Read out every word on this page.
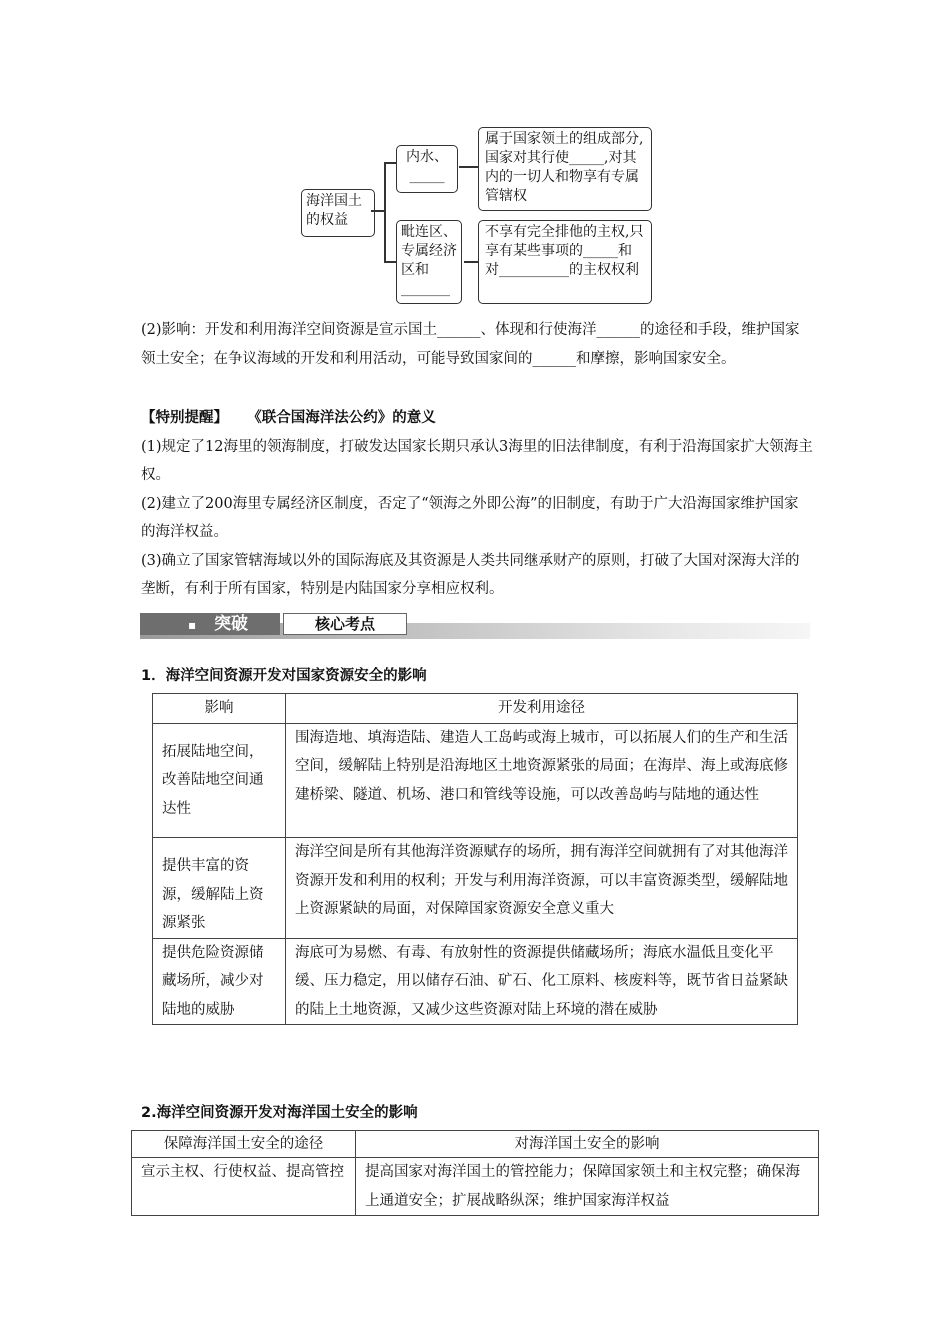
海洋国土的权益
内水、_____
属于国家领土的组成部分,国家对其行使_____,对其内的一切人和物享有专属管辖权
毗连区、专属经济区和_______
不享有完全排他的主权,只享有某些事项的_____和对__________的主权权利

(2)影响：开发和利用海洋空间资源是宣示国土______、体现和行使海洋______的途径和手段，维护国家领土安全；在争议海域的开发和利用活动，可能导致国家间的______和摩擦，影响国家安全。

【特别提醒】 《联合国海洋法公约》的意义

(1)规定了12海里的领海制度，打破发达国家长期只承认3海里的旧法律制度，有利于沿海国家扩大领海主权。

(2)建立了200海里专属经济区制度，否定了“领海之外即公海”的旧制度，有助于广大沿海国家维护国家的海洋权益。

(3)确立了国家管辖海域以外的国际海底及其资源是人类共同继承财产的原则，打破了大国对深海大洋的垄断，有利于所有国家，特别是内陆国家分享相应权利。

▪ 突破	核心考点
1．海洋空间资源开发对国家资源安全的影响
影响	开发利用途径
拓展陆地空间，改善陆地空间通达性	围海造地、填海造陆、建造人工岛屿或海上城市，可以拓展人们的生产和生活空间，缓解陆上特别是沿海地区土地资源紧张的局面；在海岸、海上或海底修建桥梁、隧道、机场、港口和管线等设施，可以改善岛屿与陆地的通达性
提供丰富的资源，缓解陆上资源紧张	海洋空间是所有其他海洋资源赋存的场所，拥有海洋空间就拥有了对其他海洋资源开发和利用的权利；开发与利用海洋资源，可以丰富资源类型，缓解陆地上资源紧缺的局面，对保障国家资源安全意义重大
提供危险资源储藏场所，减少对陆地的威胁	海底可为易燃、有毒、有放射性的资源提供储藏场所；海底水温低且变化平缓、压力稳定，用以储存石油、矿石、化工原料、核废料等，既节省日益紧缺的陆上土地资源，又减少这些资源对陆上环境的潜在威胁
2.海洋空间资源开发对海洋国土安全的影响
保障海洋国土安全的途径	对海洋国土安全的影响
宣示主权、行使权益、提高管控	提高国家对海洋国土的管控能力；保障国家领土和主权完整；确保海上通道安全；扩展战略纵深；维护国家海洋权益
